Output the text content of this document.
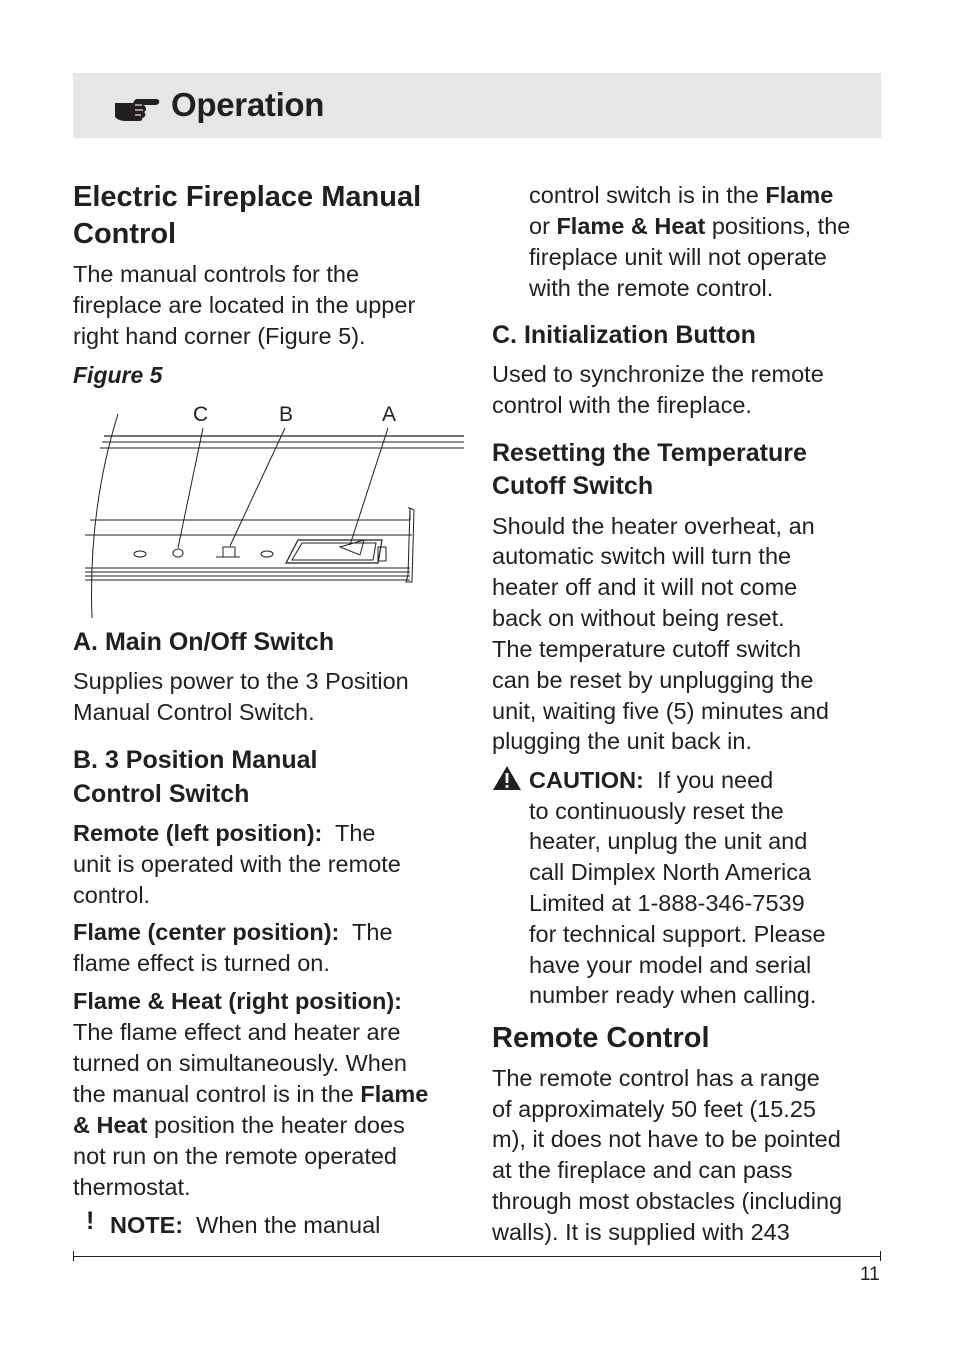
Operation
Electric Fireplace Manual
Control
The manual controls for the
fireplace are located in the upper
right hand corner (Figure 5).
Figure 5
C	B	A
A. Main On/Off Switch
Supplies power to the 3 Position
Manual Control Switch.
B. 3 Position Manual
Control Switch
Remote (left position): The
unit is operated with the remote
control.
Flame (center position): The
flame effect is turned on.
Flame & Heat (right position):
The flame effect and heater are
turned on simultaneously. When
the manual control is in the Flame
& Heat position the heater does
not run on the remote operated
thermostat.
! NOTE: When the manual
control switch is in the Flame
or Flame & Heat positions, the
fireplace unit will not operate
with the remote control.
C. Initialization Button
Used to synchronize the remote
control with the fireplace.
Resetting the Temperature
Cutoff Switch
Should the heater overheat, an
automatic switch will turn the
heater off and it will not come
back on without being reset.
The temperature cutoff switch
can be reset by unplugging the
unit, waiting five (5) minutes and
plugging the unit back in.
CAUTION: If you need
to continuously reset the
heater, unplug the unit and
call Dimplex North America
Limited at 1-888-346-7539
for technical support. Please
have your model and serial
number ready when calling.
Remote Control
The remote control has a range
of approximately 50 feet (15.25
m), it does not have to be pointed
at the fireplace and can pass
through most obstacles (including
walls). It is supplied with 243
11
